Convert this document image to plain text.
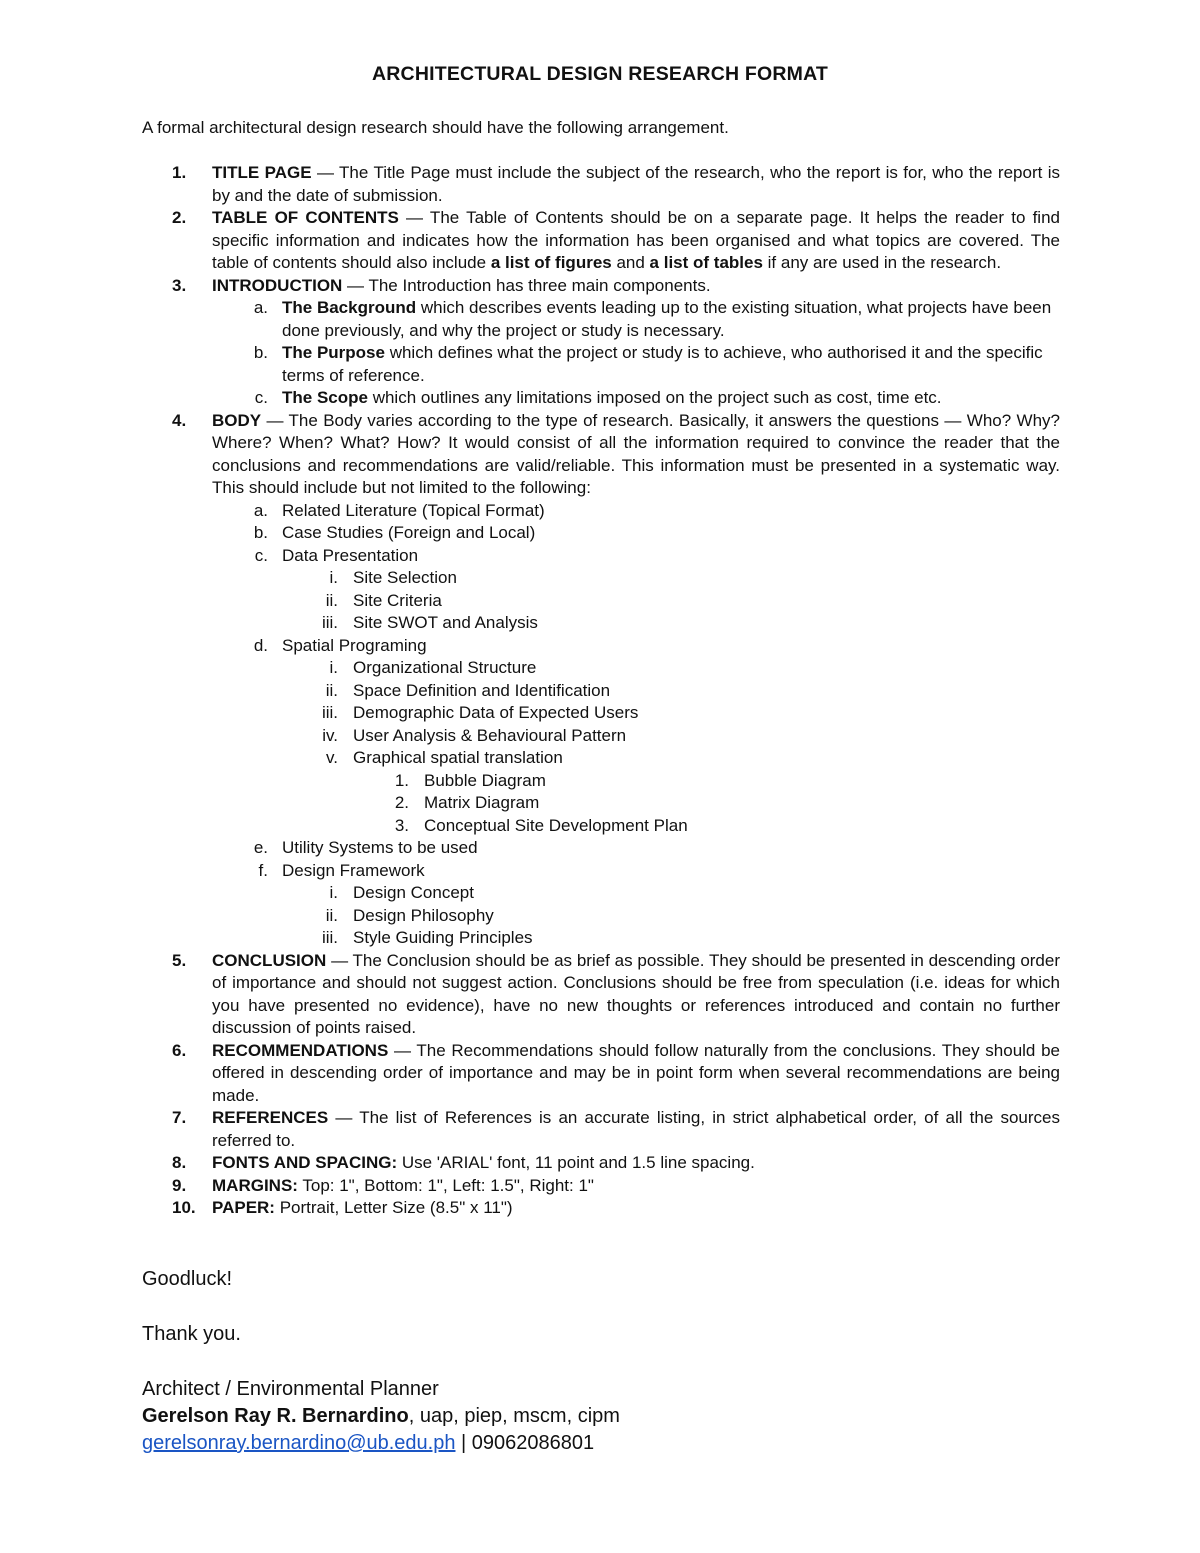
ARCHITECTURAL DESIGN RESEARCH FORMAT
A formal architectural design research should have the following arrangement.
1.	TITLE PAGE — The Title Page must include the subject of the research, who the report is for, who the report is by and the date of submission.
2.	TABLE OF CONTENTS — The Table of Contents should be on a separate page. It helps the reader to find specific information and indicates how the information has been organised and what topics are covered. The table of contents should also include a list of figures and a list of tables if any are used in the research.
3.	INTRODUCTION — The Introduction has three main components.
a. The Background which describes events leading up to the existing situation, what projects have been done previously, and why the project or study is necessary.
b. The Purpose which defines what the project or study is to achieve, who authorised it and the specific terms of reference.
c. The Scope which outlines any limitations imposed on the project such as cost, time etc.
4.	BODY — The Body varies according to the type of research. Basically, it answers the questions — Who? Why? Where? When? What? How? It would consist of all the information required to convince the reader that the conclusions and recommendations are valid/reliable. This information must be presented in a systematic way. This should include but not limited to the following:
a. Related Literature (Topical Format)
b. Case Studies (Foreign and Local)
c. Data Presentation
i. Site Selection
ii. Site Criteria
iii. Site SWOT and Analysis
d. Spatial Programing
i. Organizational Structure
ii. Space Definition and Identification
iii. Demographic Data of Expected Users
iv. User Analysis & Behavioural Pattern
v. Graphical spatial translation
1. Bubble Diagram
2. Matrix Diagram
3. Conceptual Site Development Plan
e. Utility Systems to be used
f. Design Framework
i. Design Concept
ii. Design Philosophy
iii. Style Guiding Principles
5.	CONCLUSION — The Conclusion should be as brief as possible. They should be presented in descending order of importance and should not suggest action. Conclusions should be free from speculation (i.e. ideas for which you have presented no evidence), have no new thoughts or references introduced and contain no further discussion of points raised.
6.	RECOMMENDATIONS — The Recommendations should follow naturally from the conclusions. They should be offered in descending order of importance and may be in point form when several recommendations are being made.
7.	REFERENCES — The list of References is an accurate listing, in strict alphabetical order, of all the sources referred to.
8.	FONTS AND SPACING: Use 'ARIAL' font, 11 point and 1.5 line spacing.
9.	MARGINS: Top: 1", Bottom: 1", Left: 1.5", Right: 1"
10. PAPER: Portrait, Letter Size (8.5" x 11")
Goodluck!
Thank you.
Architect / Environmental Planner
Gerelson Ray R. Bernardino, uap, piep, mscm, cipm
gerelsonray.bernardino@ub.edu.ph | 09062086801
